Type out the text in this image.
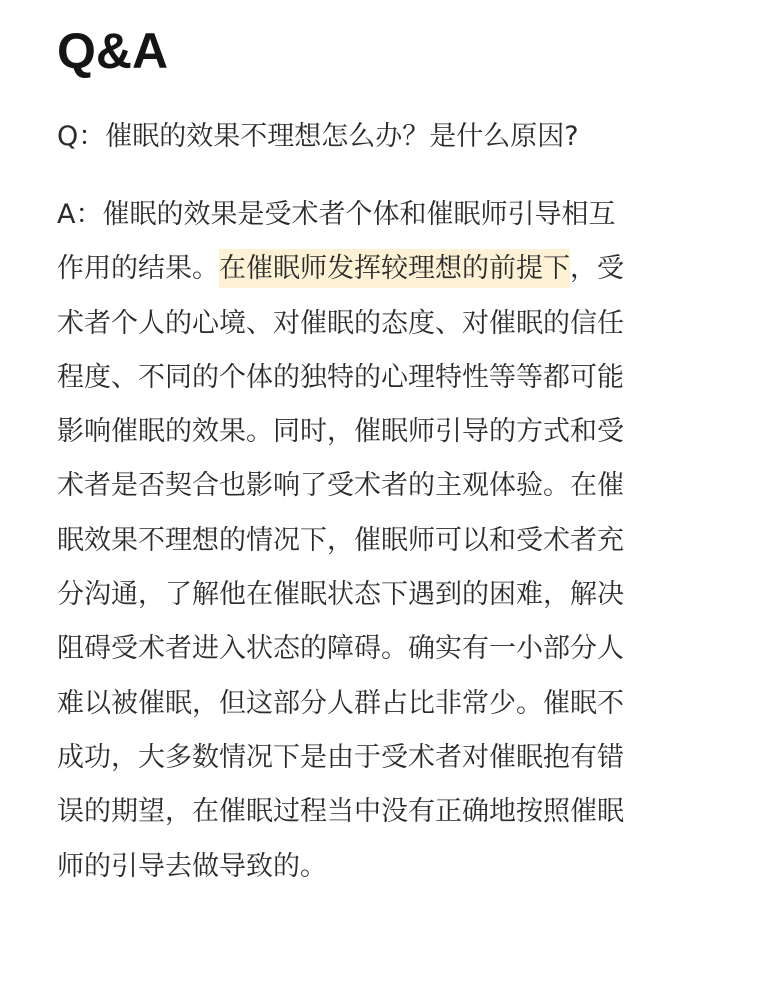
Q&A

Q：催眠的效果不理想怎么办？是什么原因?

A：催眠的效果是受术者个体和催眠师引导相互
作用的结果。在催眠师发挥较理想的前提下，受
术者个人的心境、对催眠的态度、对催眠的信任
程度、不同的个体的独特的心理特性等等都可能
影响催眠的效果。同时，催眠师引导的方式和受
术者是否契合也影响了受术者的主观体验。在催
眠效果不理想的情况下，催眠师可以和受术者充
分沟通，了解他在催眠状态下遇到的困难，解决
阻碍受术者进入状态的障碍。确实有一小部分人
难以被催眠，但这部分人群占比非常少。催眠不
成功，大多数情况下是由于受术者对催眠抱有错
误的期望，在催眠过程当中没有正确地按照催眠
师的引导去做导致的。
